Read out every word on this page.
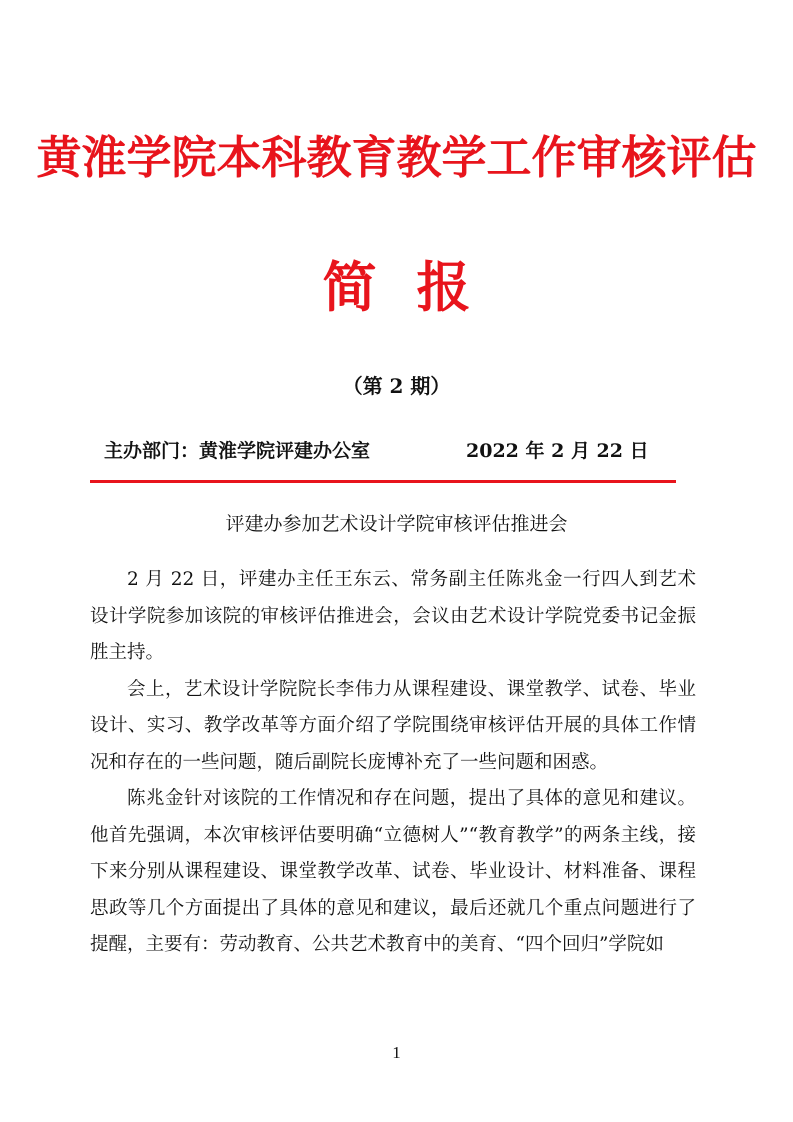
黄淮学院本科教育教学工作审核评估
简 报
（第 2 期）
主办部门：黄淮学院评建办公室	2022 年 2 月 22 日
评建办参加艺术设计学院审核评估推进会

2 月 22 日，评建办主任王东云、常务副主任陈兆金一行四人到艺术设计学院参加该院的审核评估推进会，会议由艺术设计学院党委书记金振胜主持。

会上，艺术设计学院院长李伟力从课程建设、课堂教学、试卷、毕业设计、实习、教学改革等方面介绍了学院围绕审核评估开展的具体工作情况和存在的一些问题，随后副院长庞博补充了一些问题和困惑。

陈兆金针对该院的工作情况和存在问题，提出了具体的意见和建议。他首先强调，本次审核评估要明确“立德树人”“教育教学”的两条主线，接下来分别从课程建设、课堂教学改革、试卷、毕业设计、材料准备、课程思政等几个方面提出了具体的意见和建议，最后还就几个重点问题进行了提醒，主要有：劳动教育、公共艺术教育中的美育、“四个回归”学院如

1
